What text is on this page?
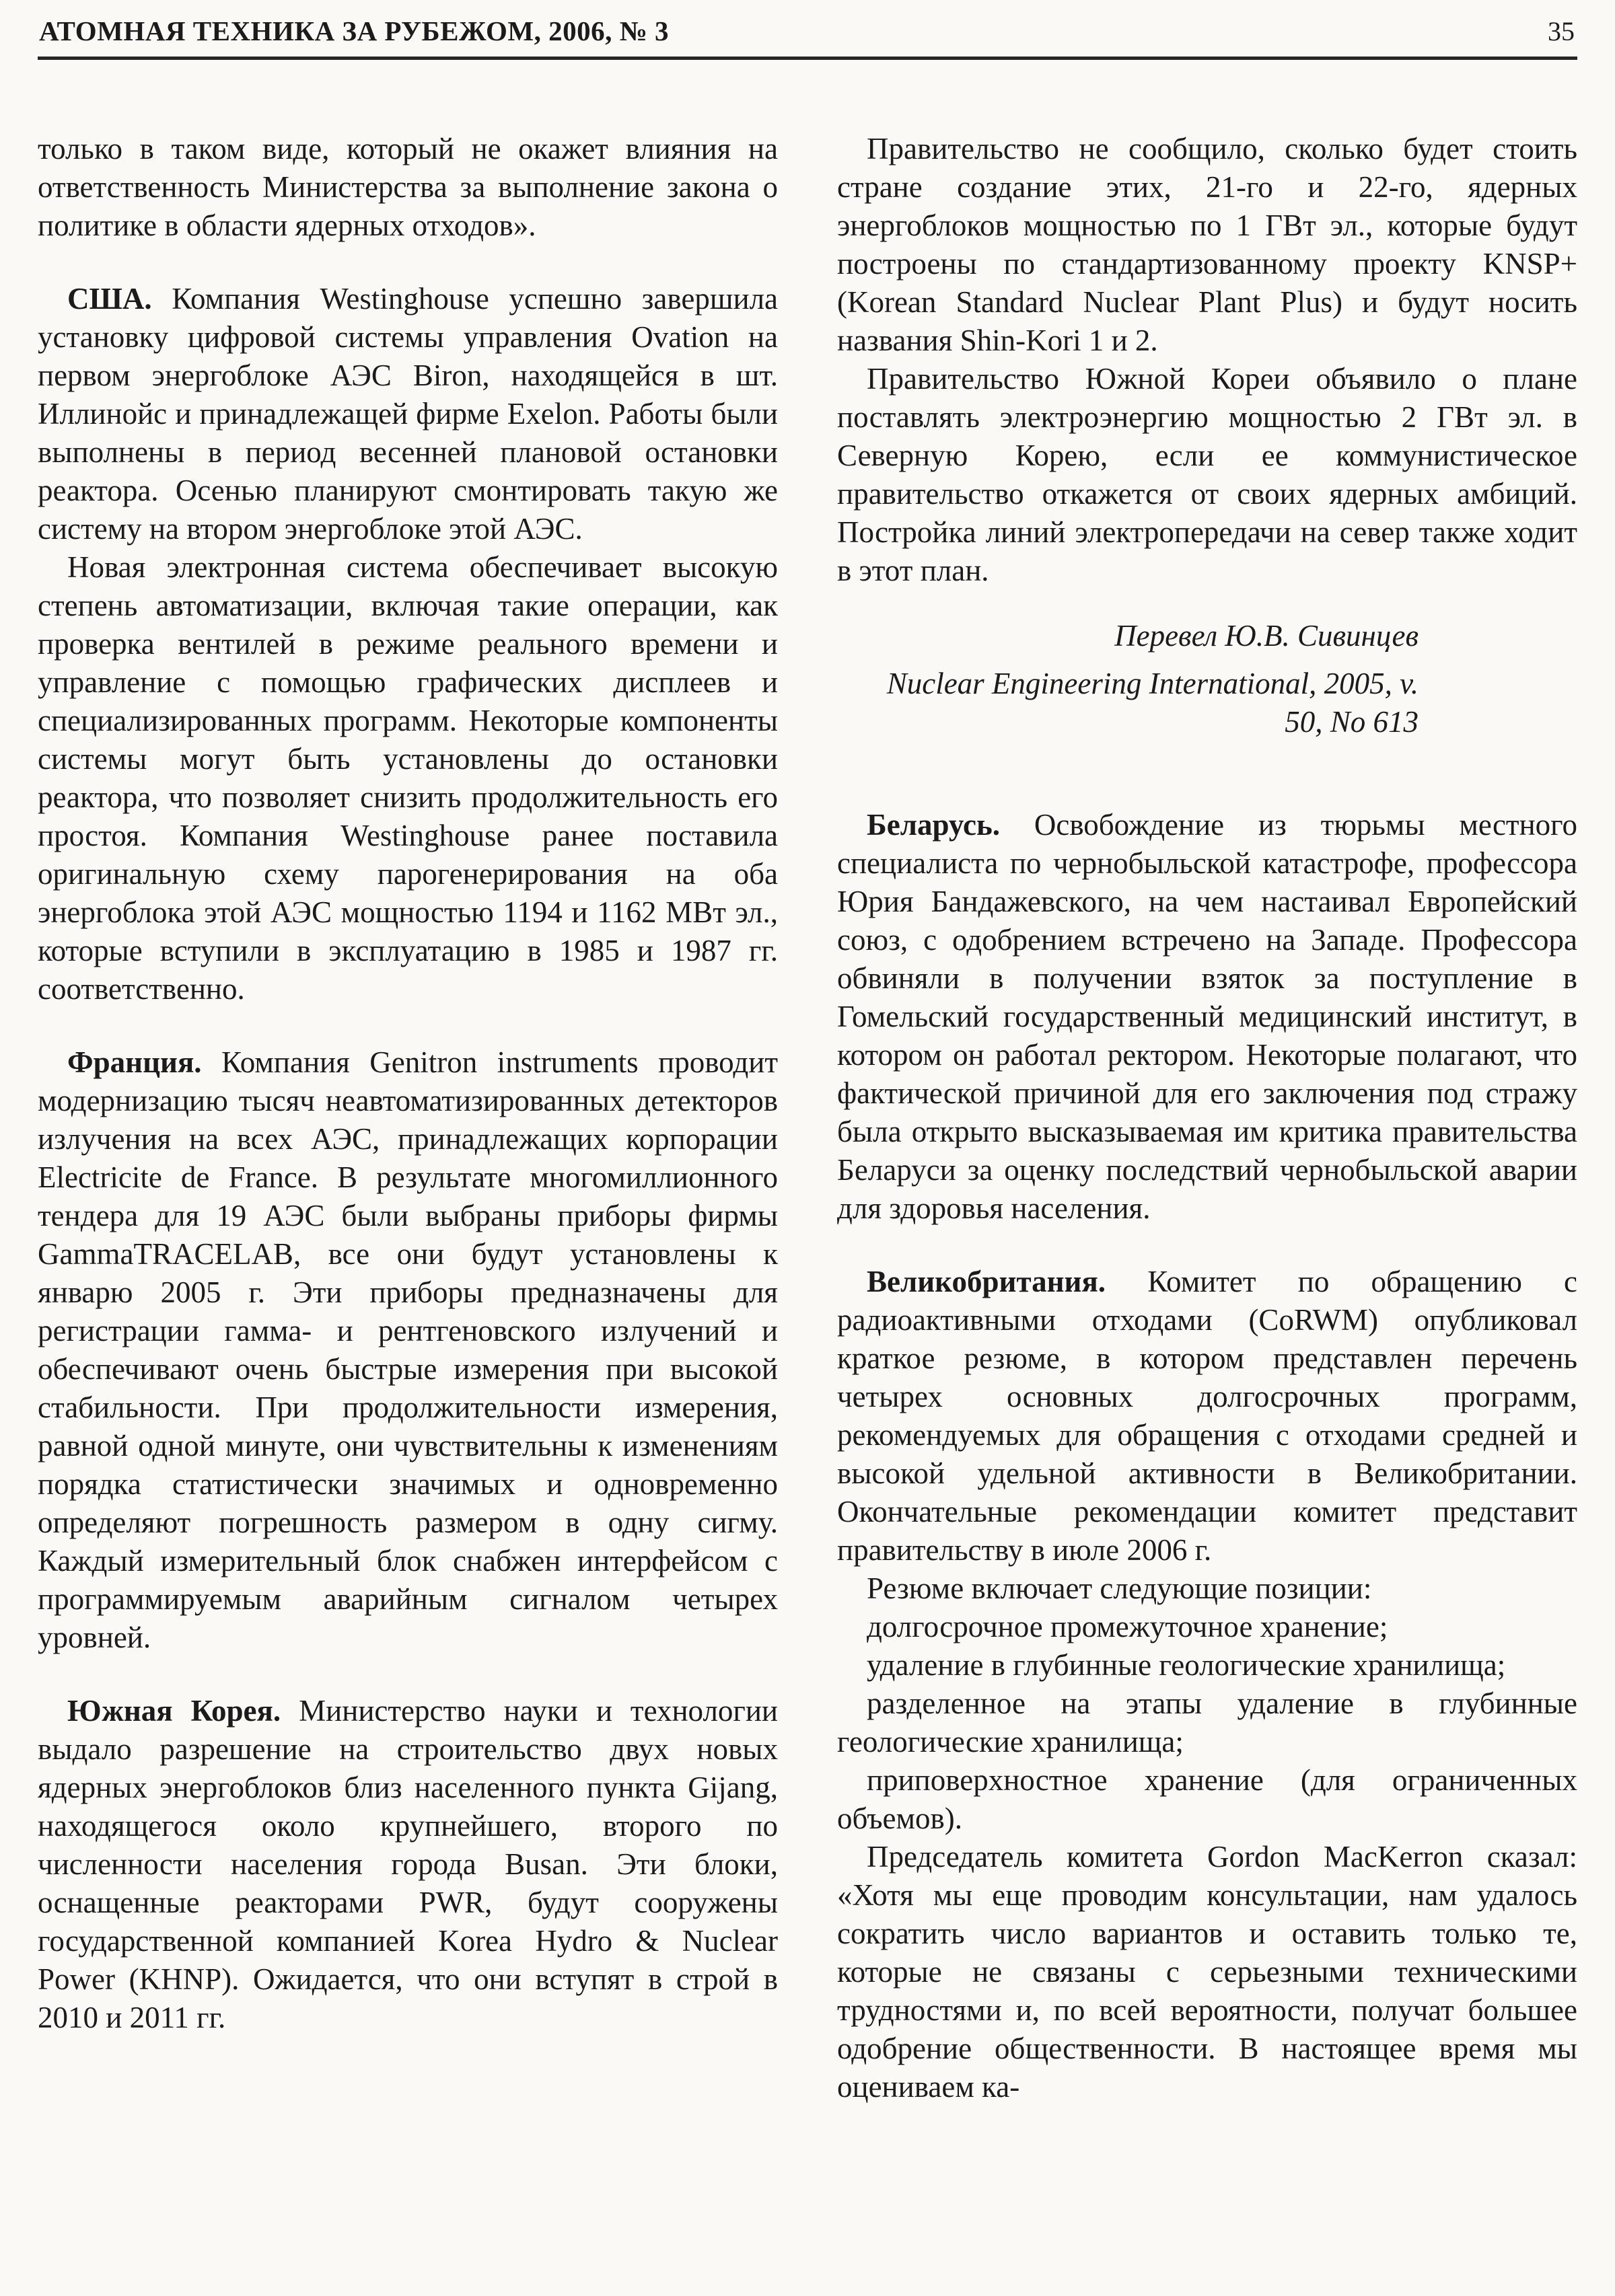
АТОМНАЯ ТЕХНИКА ЗА РУБЕЖОМ, 2006, № 3	35

только в таком виде, который не окажет влияния на ответственность Министерства за выполнение закона о политике в области ядерных отходов».

США. Компания Westinghouse успешно завершила установку цифровой системы управления Ovation на первом энергоблоке АЭС Biron, находящейся в шт. Иллинойс и принадлежащей фирме Exelon. Работы были выполнены в период весенней плановой остановки реактора. Осенью планируют смонтировать такую же систему на втором энергоблоке этой АЭС.

Новая электронная система обеспечивает высокую степень автоматизации, включая такие операции, как проверка вентилей в режиме реального времени и управление с помощью графических дисплеев и специализированных программ. Некоторые компоненты системы могут быть установлены до остановки реактора, что позволяет снизить продолжительность его простоя. Компания Westinghouse ранее поставила оригинальную схему парогенерирования на оба энергоблока этой АЭС мощностью 1194 и 1162 МВт эл., которые вступили в эксплуатацию в 1985 и 1987 гг. соответственно.

Франция. Компания Genitron instruments проводит модернизацию тысяч неавтоматизированных детекторов излучения на всех АЭС, принадлежащих корпорации Electricite de France. В результате многомиллионного тендера для 19 АЭС были выбраны приборы фирмы GammaTRACELAB, все они будут установлены к январю 2005 г. Эти приборы предназначены для регистрации гамма- и рентгеновского излучений и обеспечивают очень быстрые измерения при высокой стабильности. При продолжительности измерения, равной одной минуте, они чувствительны к изменениям порядка статистически значимых и одновременно определяют погрешность размером в одну сигму. Каждый измерительный блок снабжен интерфейсом с программируемым аварийным сигналом четырех уровней.

Южная Корея. Министерство науки и технологии выдало разрешение на строительство двух новых ядерных энергоблоков близ населенного пункта Gijang, находящегося около крупнейшего, второго по численности населения города Busan. Эти блоки, оснащенные реакторами PWR, будут сооружены государственной компанией Korea Hydro & Nuclear Power (KHNP). Ожидается, что они вступят в строй в 2010 и 2011 гг.

Правительство не сообщило, сколько будет стоить стране создание этих, 21-го и 22-го, ядерных энергоблоков мощностью по 1 ГВт эл., которые будут построены по стандартизованному проекту KNSP+ (Korean Standard Nuclear Plant Plus) и будут носить названия Shin-Kori 1 и 2.

Правительство Южной Кореи объявило о плане поставлять электроэнергию мощностью 2 ГВт эл. в Северную Корею, если ее коммунистическое правительство откажется от своих ядерных амбиций. Постройка линий электропередачи на север также ходит в этот план.

Перевел Ю.В. Сивинцев

Nuclear Engineering International, 2005, v. 50, No 613

Беларусь. Освобождение из тюрьмы местного специалиста по чернобыльской катастрофе, профессора Юрия Бандажевского, на чем настаивал Европейский союз, с одобрением встречено на Западе. Профессора обвиняли в получении взяток за поступление в Гомельский государственный медицинский институт, в котором он работал ректором. Некоторые полагают, что фактической причиной для его заключения под стражу была открыто высказываемая им критика правительства Беларуси за оценку последствий чернобыльской аварии для здоровья населения.

Великобритания. Комитет по обращению с радиоактивными отходами (CoRWM) опубликовал краткое резюме, в котором представлен перечень четырех основных долгосрочных программ, рекомендуемых для обращения с отходами средней и высокой удельной активности в Великобритании. Окончательные рекомендации комитет представит правительству в июле 2006 г.

Резюме включает следующие позиции:

долгосрочное промежуточное хранение;

удаление в глубинные геологические хранилища;

разделенное на этапы удаление в глубинные геологические хранилища;

приповерхностное хранение (для ограниченных объемов).

Председатель комитета Gordon MacKerron сказал: «Хотя мы еще проводим консультации, нам удалось сократить число вариантов и оставить только те, которые не связаны с серьезными техническими трудностями и, по всей вероятности, получат большее одобрение общественности. В настоящее время мы оцениваем ка-
